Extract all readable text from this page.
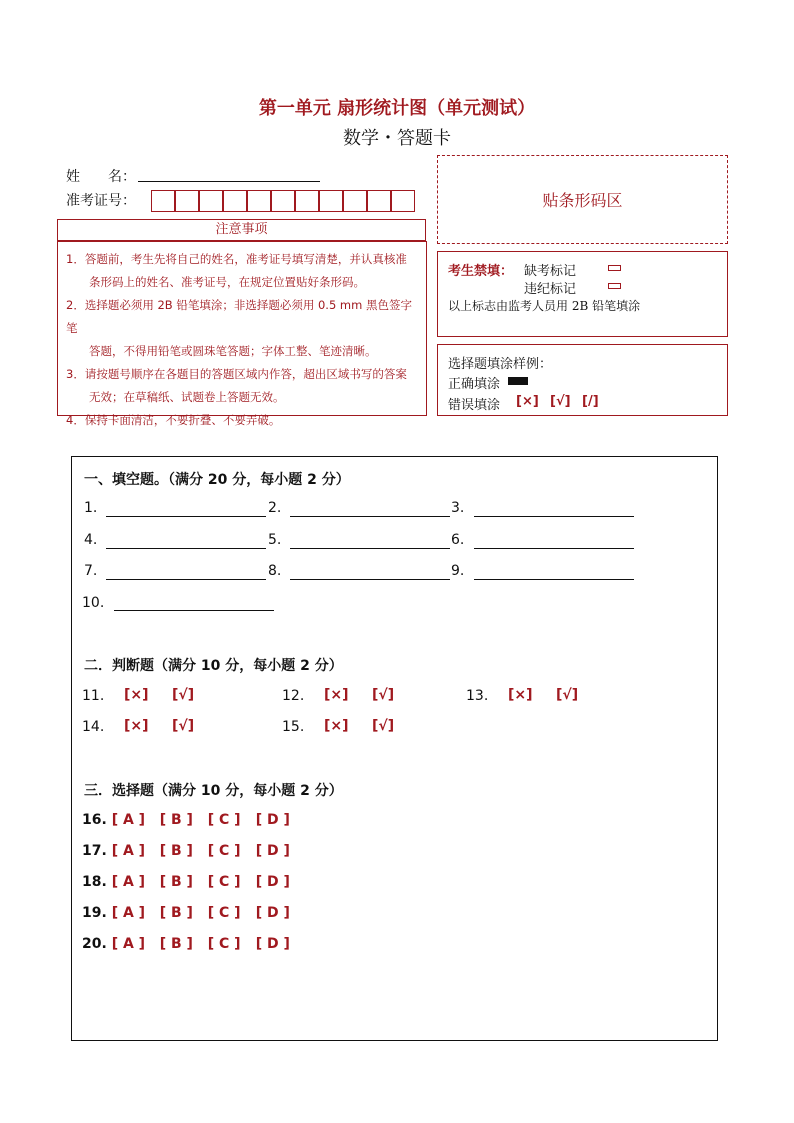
第一单元 扇形统计图（单元测试）
数学・答题卡
姓　　名：
准考证号：	贴条形码区
注意事项
1．答题前，考生先将自己的姓名，准考证号填写清楚，并认真核准
　　条形码上的姓名、准考证号，在规定位置贴好条形码。
2．选择题必须用 2B 铅笔填涂；非选择题必须用 0.5 mm 黑色签字笔
　　答题，不得用铅笔或圆珠笔答题；字体工整、笔迹清晰。
3．请按题号顺序在各题目的答题区域内作答，超出区域书写的答案
　　无效；在草稿纸、试题卷上答题无效。
4．保持卡面清洁，不要折叠、不要弄破。
考生禁填： 缺考标记
违纪标记
以上标志由监考人员用 2B 铅笔填涂
选择题填涂样例：
正确填涂
错误填涂 [×] [√] [/]
一、填空题。（满分 20 分，每小题 2 分）
1.	2.	3.
4.	5.	6.
7.	8.	9.
10.
二．判断题（满分 10 分，每小题 2 分）
11. [×] [√]	12. [×] [√]	13. [×] [√]
14. [×] [√]	15. [×] [√]
三．选择题（满分 10 分，每小题 2 分）
16. [ A ] [ B ] [ C ] [ D ]
17. [ A ] [ B ] [ C ] [ D ]
18. [ A ] [ B ] [ C ] [ D ]
19. [ A ] [ B ] [ C ] [ D ]
20. [ A ] [ B ] [ C ] [ D ]
